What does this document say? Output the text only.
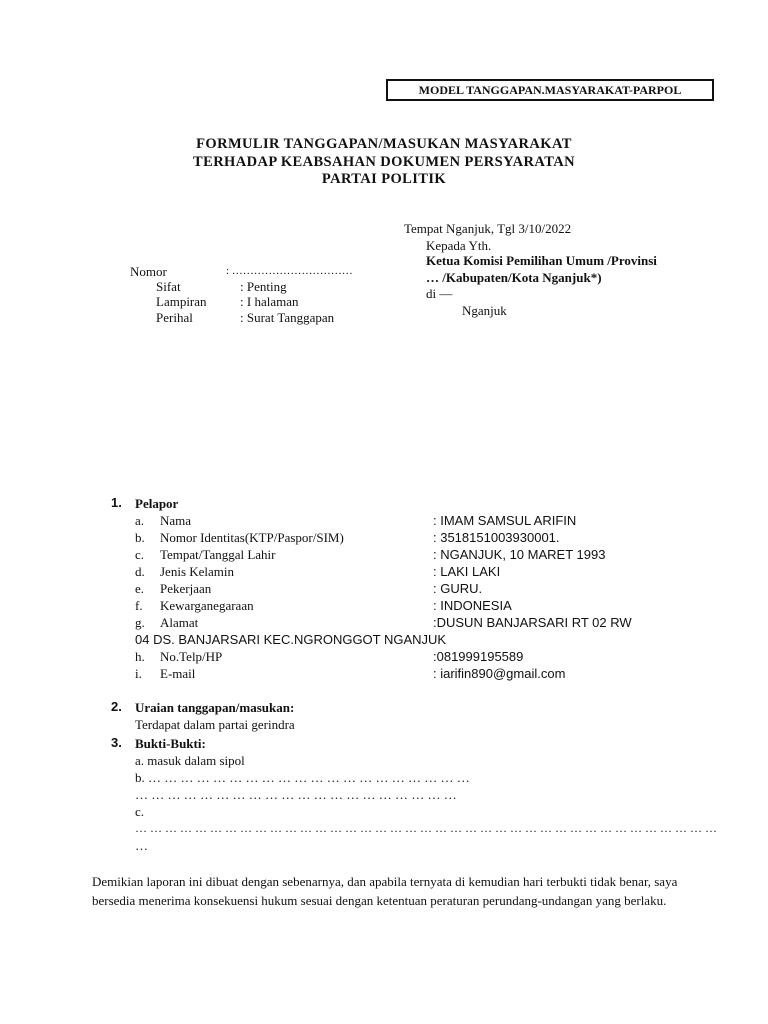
MODEL TANGGAPAN.MASYARAKAT-PARPOL
FORMULIR TANGGAPAN/MASUKAN MASYARAKAT
TERHADAP KEABSAHAN DOKUMEN PERSYARATAN
PARTAI POLITIK
Tempat Nganjuk, Tgl 3/10/2022
Kepada Yth.
Ketua Komisi Pemilihan Umum /Provinsi
… /Kabupaten/Kota Nganjuk*)
di —
Nganjuk
Nomor	: ……………………………
Sifat	: Penting
Lampiran	: I halaman
Perihal	: Surat Tanggapan
1. Pelapor
a. Nama	: IMAM SAMSUL ARIFIN
b. Nomor Identitas(KTP/Paspor/SIM)	: 3518151003930001.
c. Tempat/Tanggal Lahir	: NGANJUK, 10 MARET 1993
d. Jenis Kelamin	: LAKI LAKI
e. Pekerjaan	: GURU.
f. Kewarganegaraan	: INDONESIA
g. Alamat	:DUSUN BANJARSARI RT 02 RW
04 DS. BANJARSARI KEC.NGRONGGOT NGANJUK
h. No.Telp/HP	:081999195589
i. E-mail	: iarifin890@gmail.com
2. Uraian tanggapan/masukan:
Terdapat dalam partai gerindra
3. Bukti-Bukti:
a. masuk dalam sipol
b. … … … … … … … … … … … … … … … … … … … …
… … … … … … … … … … … … … … … … … … … …
c.
… … … … … … … … … … … … … … … … … … … … … … … … … … … … … … … … … … … … … … …
…
Demikian laporan ini dibuat dengan sebenarnya, dan apabila ternyata di kemudian hari terbukti tidak benar, saya bersedia menerima konsekuensi hukum sesuai dengan ketentuan peraturan perundang-undangan yang berlaku.
